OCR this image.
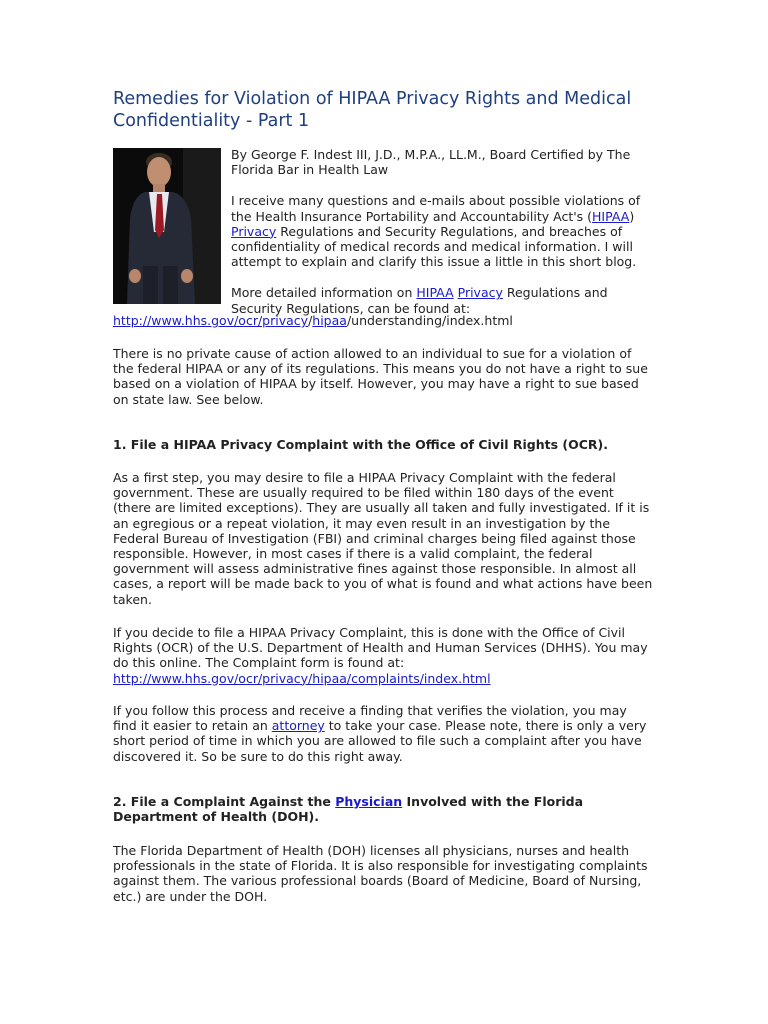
Remedies for Violation of HIPAA Privacy Rights and Medical Confidentiality - Part 1

By George F. Indest III, J.D., M.P.A., LL.M., Board Certified by The Florida Bar in Health Law

I receive many questions and e-mails about possible violations of the Health Insurance Portability and Accountability Act's (HIPAA) Privacy Regulations and Security Regulations, and breaches of confidentiality of medical records and medical information. I will attempt to explain and clarify this issue a little in this short blog.

More detailed information on HIPAA Privacy Regulations and Security Regulations, can be found at:

http://www.hhs.gov/ocr/privacy/hipaa/understanding/index.html

There is no private cause of action allowed to an individual to sue for a violation of the federal HIPAA or any of its regulations. This means you do not have a right to sue based on a violation of HIPAA by itself. However, you may have a right to sue based on state law. See below.

1. File a HIPAA Privacy Complaint with the Office of Civil Rights (OCR).

As a first step, you may desire to file a HIPAA Privacy Complaint with the federal government. These are usually required to be filed within 180 days of the event (there are limited exceptions). They are usually all taken and fully investigated. If it is an egregious or a repeat violation, it may even result in an investigation by the Federal Bureau of Investigation (FBI) and criminal charges being filed against those responsible. However, in most cases if there is a valid complaint, the federal government will assess administrative fines against those responsible. In almost all cases, a report will be made back to you of what is found and what actions have been taken.

If you decide to file a HIPAA Privacy Complaint, this is done with the Office of Civil Rights (OCR) of the U.S. Department of Health and Human Services (DHHS). You may do this online. The Complaint form is found at:
http://www.hhs.gov/ocr/privacy/hipaa/complaints/index.html

If you follow this process and receive a finding that verifies the violation, you may find it easier to retain an attorney to take your case. Please note, there is only a very short period of time in which you are allowed to file such a complaint after you have discovered it. So be sure to do this right away.

2. File a Complaint Against the Physician Involved with the Florida Department of Health (DOH).

The Florida Department of Health (DOH) licenses all physicians, nurses and health professionals in the state of Florida. It is also responsible for investigating complaints against them. The various professional boards (Board of Medicine, Board of Nursing, etc.) are under the DOH.
